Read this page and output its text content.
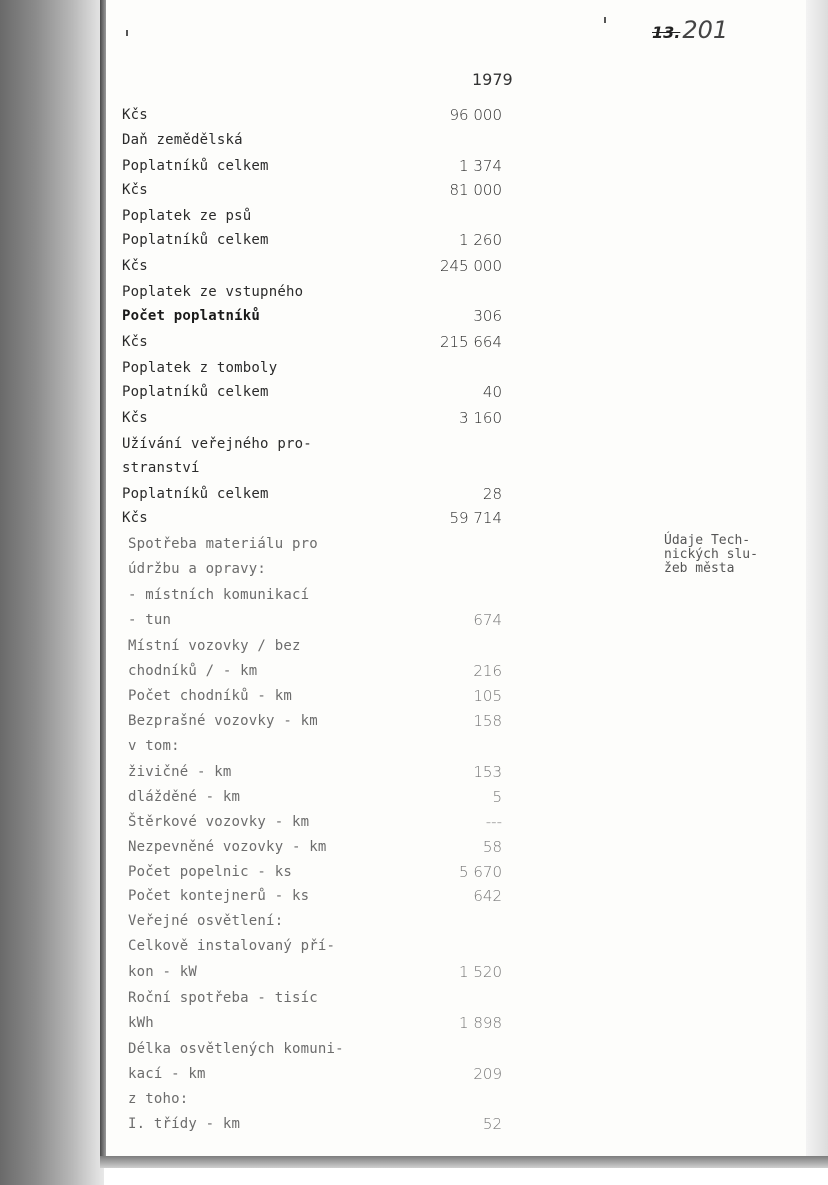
13.201
1979
Kčs	96 000
Daň zemědělská
Poplatníků celkem	1 374
Kčs	81 000
Poplatek ze psů
Poplatníků celkem	1 260
Kčs	245 000
Poplatek ze vstupného
Počet poplatníků	306
Kčs	215 664
Poplatek z tomboly
Poplatníků celkem	40
Kčs	3 160
Užívání veřejného pro-
stranství
Poplatníků celkem	28
Kčs	59 714
Spotřeba materiálu pro
údržbu a opravy:
- místních komunikací
- tun	674
Místní vozovky / bez
chodníků / - km	216
Počet chodníků - km	105
Bezprašné vozovky - km	158
v tom:
živičné - km	153
dlážděné - km	5
Štěrkové vozovky - km	---
Nezpevněné vozovky - km	58
Počet popelnic - ks	5 670
Počet kontejnerů - ks	642
Veřejné osvětlení:
Celkově instalovaný pří-
kon - kW	1 520
Roční spotřeba - tisíc
kWh	1 898
Délka osvětlených komuni-
kací - km	209
z toho:
I. třídy - km	52
Údaje Tech-
nických slu-
žeb města
